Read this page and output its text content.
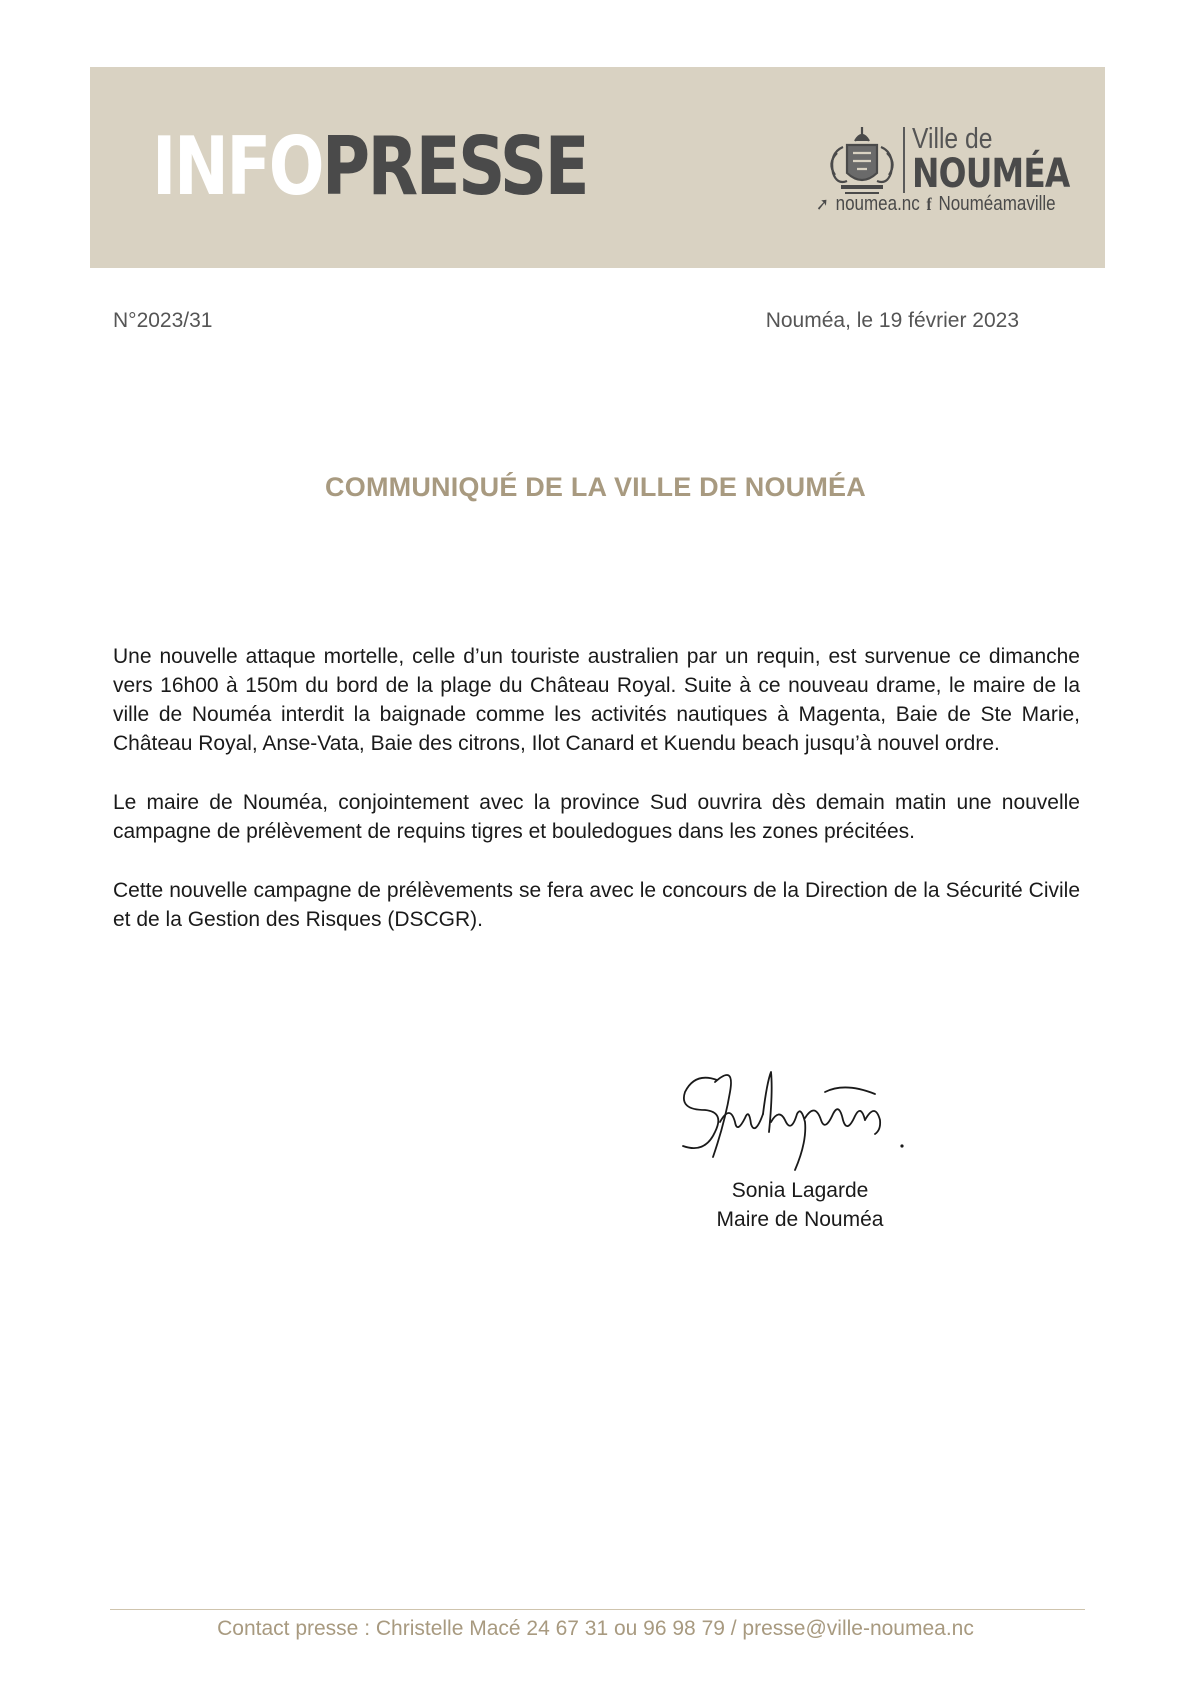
INFOPRESSE	Ville de
NOUMÉA
➚ noumea.nc f Nouméamaville
N°2023/31	Nouméa, le 19 février 2023
COMMUNIQUÉ DE LA VILLE DE NOUMÉA

Une nouvelle attaque mortelle, celle d’un touriste australien par un requin, est survenue ce dimanche vers 16h00 à 150m du bord de la plage du Château Royal. Suite à ce nouveau drame, le maire de la ville de Nouméa interdit la baignade comme les activités nautiques à Magenta, Baie de Ste Marie, Château Royal, Anse-Vata, Baie des citrons, Ilot Canard et Kuendu beach jusqu’à nouvel ordre.

Le maire de Nouméa, conjointement avec la province Sud ouvrira dès demain matin une nouvelle campagne de prélèvement de requins tigres et bouledogues dans les zones précitées.

Cette nouvelle campagne de prélèvements se fera avec le concours de la Direction de la Sécurité Civile et de la Gestion des Risques (DSCGR).

Sonia Lagarde
Maire de Nouméa
Contact presse : Christelle Macé 24 67 31 ou 96 98 79 / presse@ville-noumea.nc
